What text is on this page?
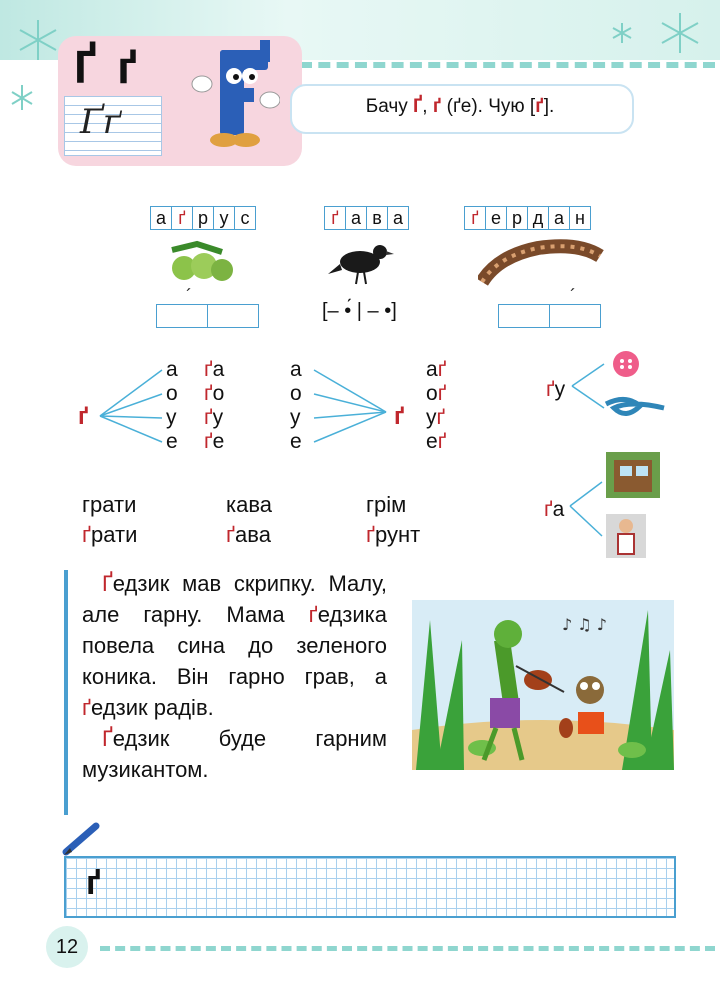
Ґ ґ
Ґґ	Бачу Ґ, ґ (ґе). Чую [ґ].
а ґ р у с
´
ґ а в а
[– •́ | – •]
ґ е р д а н
´
ґ
а
о
у
е
ґа
ґо
ґу
ґе
а
о
у
е
ґ
аґ
оґ
уґ
еґ
ґу
ґа
грати
ґрати
кава
ґава
грім
ґрунт

Ґедзик мав скрипку. Малу, але гарну. Мама ґедзика повела сина до зеленого коника. Він гарно грав, а ґедзик радів.

Ґедзик буде гарним музикантом.

♪ ♫ ♪
ґ
12
